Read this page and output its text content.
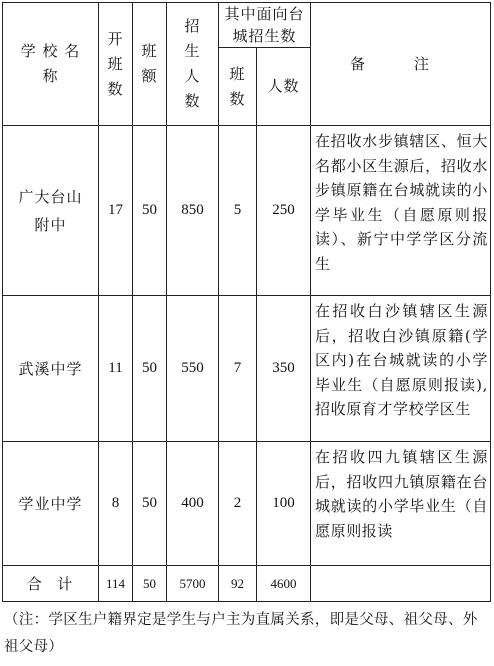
学 校 名 称	开班数	班额	招生人数	其中面向台城招生数		备 注
				班数	人数	

广大台山附中	17	50	850	5	250	在招收水步镇辖区、恒大名都小区生源后，招收水步镇原籍在台城就读的小学毕业生（自愿原则报读）、新宁中学学区分流生

武溪中学	11	50	550	7	350	在招收白沙镇辖区生源后，招收白沙镇原籍(学区内)在台城就读的小学毕业生（自愿原则报读),招收原育才学校学区生

学业中学	8	50	400	2	100	在招收四九镇辖区生源后，招收四九镇原籍在台城就读的小学毕业生（自愿原则报读
合  计	114	50	5700	92	4600	
（注：学区生户籍界定是学生与户主为直属关系，即是父母、祖父母、外祖父母）
